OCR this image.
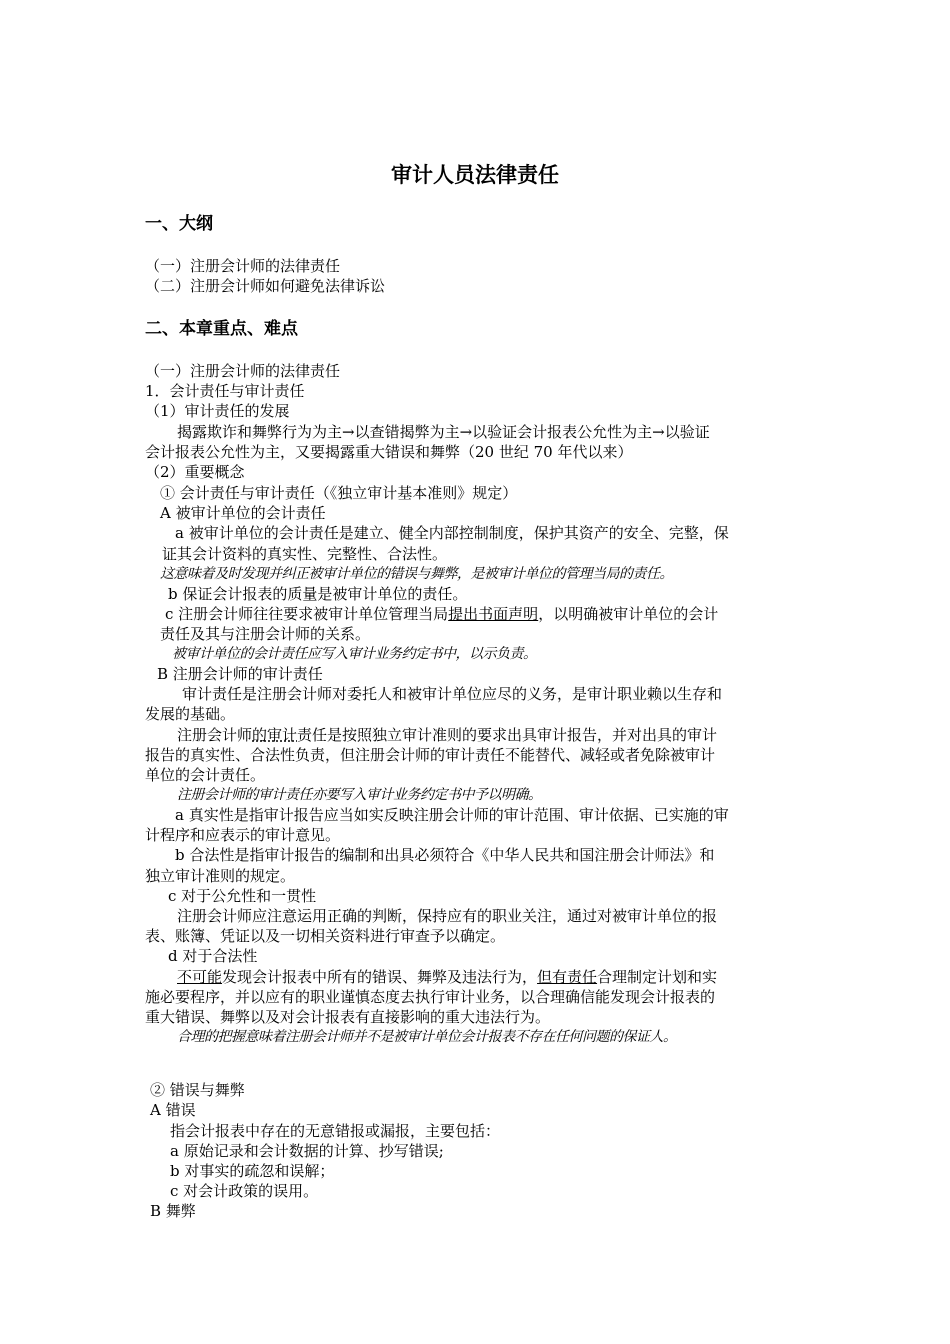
审计人员法律责任
一、大纲
（一）注册会计师的法律责任
（二）注册会计师如何避免法律诉讼
二、本章重点、难点
（一）注册会计师的法律责任
1．会计责任与审计责任
（1）审计责任的发展
揭露欺诈和舞弊行为为主→以查错揭弊为主→以验证会计报表公允性为主→以验证
会计报表公允性为主，又要揭露重大错误和舞弊（20 世纪 70 年代以来）
（2）重要概念
① 会计责任与审计责任（《独立审计基本准则》规定）
A 被审计单位的会计责任
a 被审计单位的会计责任是建立、健全内部控制制度，保护其资产的安全、完整，保
证其会计资料的真实性、完整性、合法性。
这意味着及时发现并纠正被审计单位的错误与舞弊，是被审计单位的管理当局的责任。
b 保证会计报表的质量是被审计单位的责任。
c 注册会计师往往要求被审计单位管理当局提出书面声明，以明确被审计单位的会计
责任及其与注册会计师的关系。
被审计单位的会计责任应写入审计业务约定书中，以示负责。
B 注册会计师的审计责任
审计责任是注册会计师对委托人和被审计单位应尽的义务，是审计职业赖以生存和
发展的基础。
注册会计师的审计责任是按照独立审计准则的要求出具审计报告，并对出具的审计
报告的真实性、合法性负责，但注册会计师的审计责任不能替代、减轻或者免除被审计
单位的会计责任。
注册会计师的审计责任亦要写入审计业务约定书中予以明确。
a 真实性是指审计报告应当如实反映注册会计师的审计范围、审计依据、已实施的审
计程序和应表示的审计意见。
b 合法性是指审计报告的编制和出具必须符合《中华人民共和国注册会计师法》和
独立审计准则的规定。
c 对于公允性和一贯性
注册会计师应注意运用正确的判断，保持应有的职业关注，通过对被审计单位的报
表、账簿、凭证以及一切相关资料进行审查予以确定。
d 对于合法性
不可能发现会计报表中所有的错误、舞弊及违法行为，但有责任合理制定计划和实
施必要程序，并以应有的职业谨慎态度去执行审计业务，以合理确信能发现会计报表的
重大错误、舞弊以及对会计报表有直接影响的重大违法行为。
合理的把握意味着注册会计师并不是被审计单位会计报表不存在任何问题的保证人。
② 错误与舞弊
A 错误
指会计报表中存在的无意错报或漏报，主要包括：
a 原始记录和会计数据的计算、抄写错误;
b 对事实的疏忽和误解；
c 对会计政策的误用。
B 舞弊
